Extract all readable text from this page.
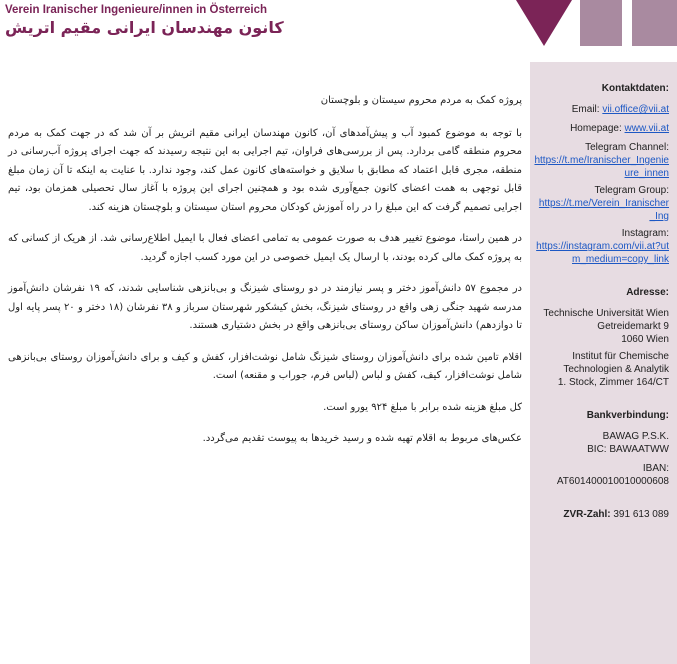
Verein Iranischer Ingenieure/innen in Österreich
کانون مهندسان ایرانی مقیم اتریش
پروژه کمک به مردم محروم سیستان و بلوچستان
با توجه به موضوع کمبود آب و پیش‌آمدهای آن، کانون مهندسان ایرانی مقیم اتریش بر آن شد که در جهت کمک به مردم محروم منطقه گامی بردارد. پس از بررسی‌های فراوان، تیم اجرایی به این نتیجه رسیدند که جهت اجرای پروژه آب‌رسانی در منطقه، مجری قابل اعتماد که مطابق با سلایق و خواسته‌های کانون عمل کند، وجود ندارد. با عنایت به اینکه تا آن زمان مبلغ قابل توجهی به همت اعضای کانون جمع‌آوری شده بود و همچنین اجرای این پروژه با آغاز سال تحصیلی همزمان بود، تیم اجرایی تصمیم گرفت که این مبلغ را در راه آموزش کودکان محروم استان سیستان و بلوچستان هزینه کند.
در همین راستا، موضوع تغییر هدف به صورت عمومی به تمامی اعضای فعال با ایمیل اطلاع‌رسانی شد. از هریک از کسانی که به پروژه کمک مالی کرده بودند، با ارسال یک ایمیل خصوصی در این مورد کسب اجازه گردید.
در مجموع ۵۷ دانش‌آموز دختر و پسر نیازمند در دو روستای شیزنگ و بی‌بانزهی شناسایی شدند، که ۱۹ نفرشان دانش‌آموز مدرسه شهید جنگی زهی واقع در روستای شیزنگ، بخش کیشکور شهرستان سرباز و ۳۸ نفرشان (۱۸ دختر و ۲۰ پسر پایه اول تا دوازدهم) دانش‌آموزان ساکن روستای بی‌بانزهی واقع در بخش دشتیاری هستند.
اقلام تامین شده برای دانش‌آموزان روستای شیزنگ شامل نوشت‌افزار، کفش و کیف و برای دانش‌آموزان روستای بی‌بانزهی شامل نوشت‌افزار، کیف، کفش و لباس (لباس فرم، جوراب و مقنعه) است.
کل مبلغ هزینه شده برابر با مبلغ ۹۲۴ یورو است.
عکس‌های مربوط به اقلام تهیه شده و رسید خریدها به پیوست تقدیم می‌گردد.
Kontaktdaten:
Email: vii.office@vii.at
Homepage: www.vii.at
Telegram Channel:
https://t.me/Iranischer_Ingenieure_innen
Telegram Group:
https://t.me/Verein_Iranischer_Ing
Instagram:
https://instagram.com/vii.at?utm_medium=copy_link
Adresse:
Technische Universität Wien
Getreidemarkt 9
1060 Wien
Institut für Chemische Technologien & Analytik
1. Stock, Zimmer 164/CT
Bankverbindung:
BAWAG P.S.K.
BIC: BAWAATWW
IBAN:
AT601400010010000608
ZVR-Zahl: 391 613 089
